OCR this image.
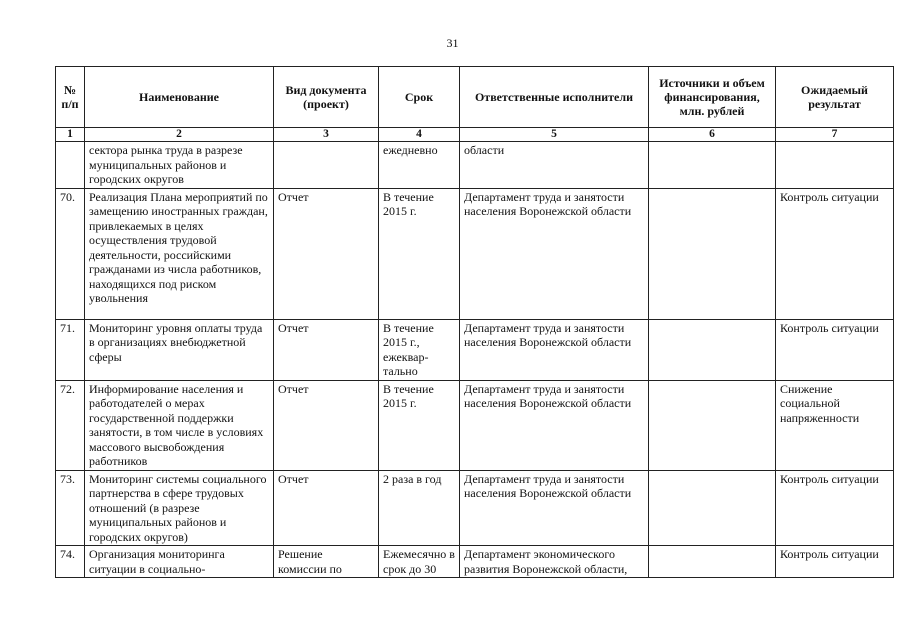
31
№ п/п	Наименование	Вид документа (проект)	Срок	Ответственные исполнители	Источники и объем финансирования, млн. рублей	Ожидаемый результат
1	2	3	4	5	6	7
	сектора рынка труда в разрезе муниципальных районов и городских округов		ежедневно	области		
70.	Реализация Плана мероприятий по замещению иностранных граждан, привлекаемых в целях осуществления трудовой деятельности, российскими гражданами из числа работников, находящихся под риском увольнения	Отчет	В течение 2015 г.	Департамент труда и занятости населения Воронежской области		Контроль ситуации
71.	Мониторинг уровня оплаты труда в организациях внебюджетной сферы	Отчет	В течение 2015 г., ежеквар-тально	Департамент труда и занятости населения Воронежской области		Контроль ситуации
72.	Информирование населения и работодателей о мерах государственной поддержки занятости, в том числе в условиях массового высвобождения работников	Отчет	В течение 2015 г.	Департамент труда и занятости населения Воронежской области		Снижение социальной напряженности
73.	Мониторинг системы социального партнерства в сфере трудовых отношений (в разрезе муниципальных районов и городских округов)	Отчет	2 раза в год	Департамент труда и занятости населения Воронежской области		Контроль ситуации
74.	Организация мониторинга ситуации в социально-	Решение комиссии по	Ежемесячно в срок до 30	Департамент экономического развития Воронежской области,		Контроль ситуации
